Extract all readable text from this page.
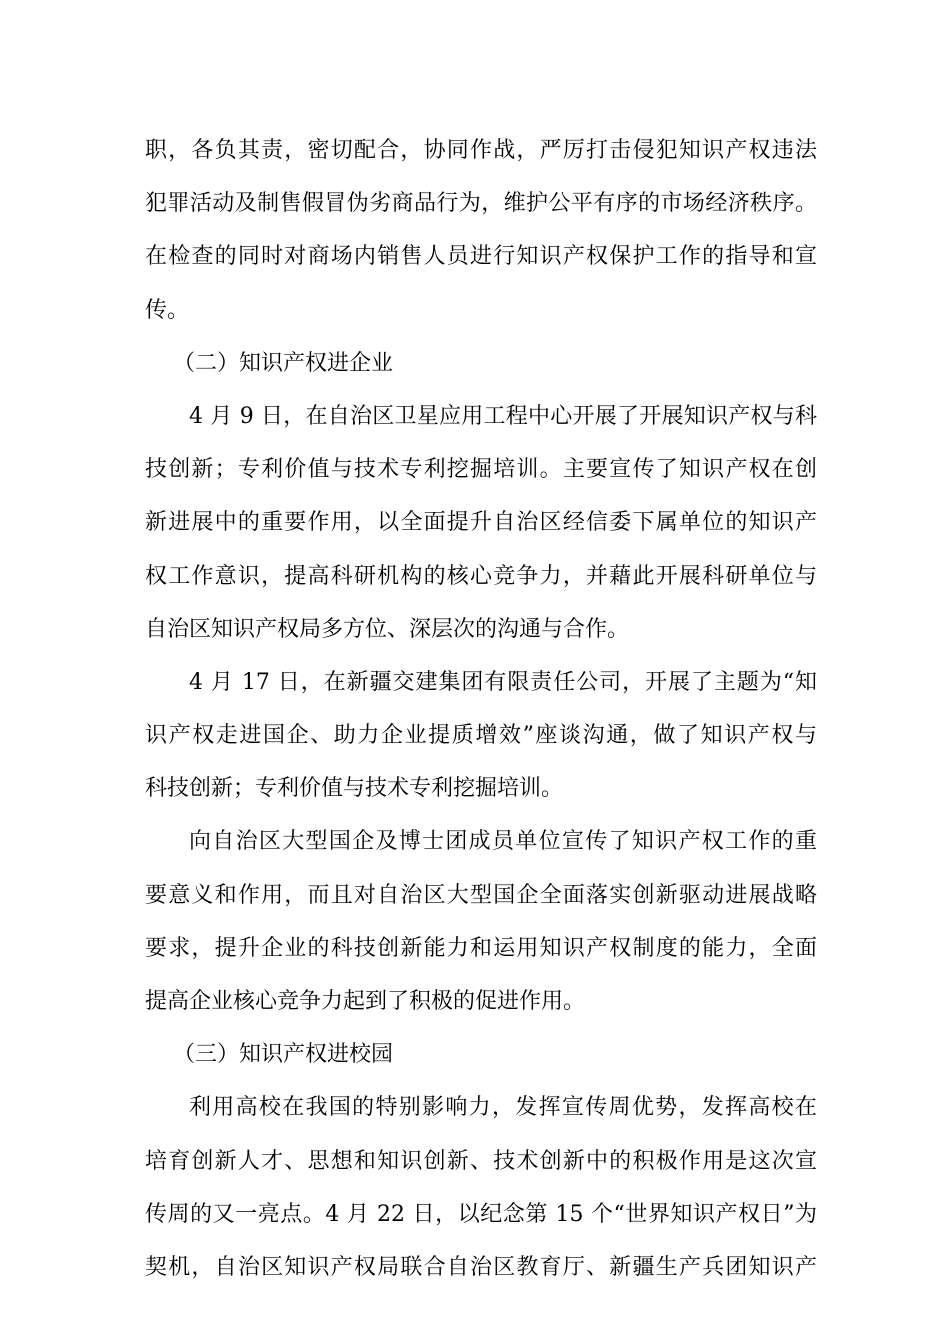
职，各负其责，密切配合，协同作战，严厉打击侵犯知识产权违法
犯罪活动及制售假冒伪劣商品行为，维护公平有序的市场经济秩序。
在检查的同时对商场内销售人员进行知识产权保护工作的指导和宣
传。
（二）知识产权进企业
4 月 9 日，在自治区卫星应用工程中心开展了开展知识产权与科
技创新；专利价值与技术专利挖掘培训。主要宣传了知识产权在创
新进展中的重要作用，以全面提升自治区经信委下属单位的知识产
权工作意识，提高科研机构的核心竞争力，并藉此开展科研单位与
自治区知识产权局多方位、深层次的沟通与合作。
4 月 17 日，在新疆交建集团有限责任公司，开展了主题为“知
识产权走进国企、助力企业提质增效”座谈沟通，做了知识产权与
科技创新；专利价值与技术专利挖掘培训。
向自治区大型国企及博士团成员单位宣传了知识产权工作的重
要意义和作用，而且对自治区大型国企全面落实创新驱动进展战略
要求，提升企业的科技创新能力和运用知识产权制度的能力，全面
提高企业核心竞争力起到了积极的促进作用。
（三）知识产权进校园
利用高校在我国的特别影响力，发挥宣传周优势，发挥高校在
培育创新人才、思想和知识创新、技术创新中的积极作用是这次宣
传周的又一亮点。4 月 22 日，以纪念第 15 个“世界知识产权日”为
契机，自治区知识产权局联合自治区教育厅、新疆生产兵团知识产
